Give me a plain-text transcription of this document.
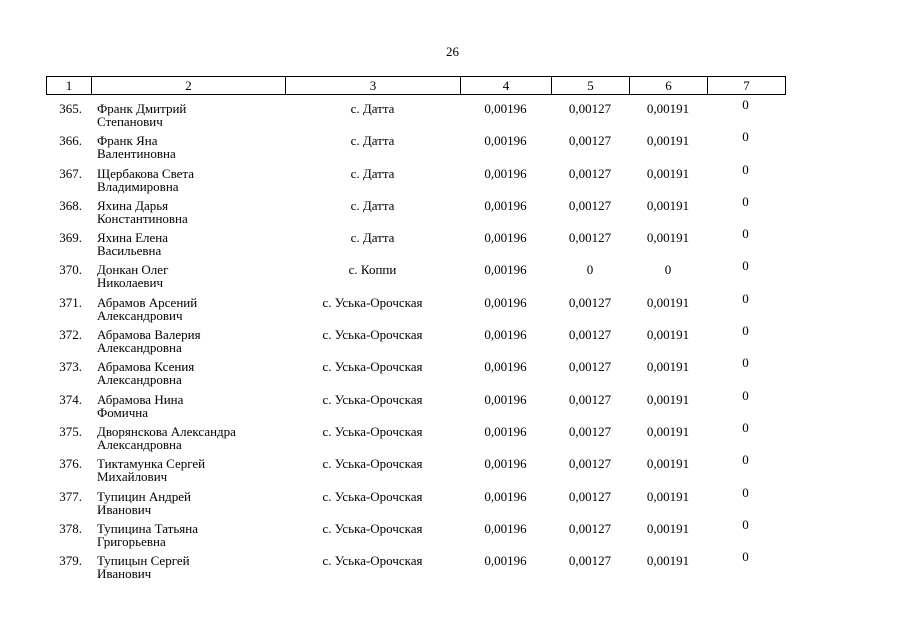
26
1	2	3	4	5	6	7
365. Франк Дмитрий
Степанович
с. Датта	0,00196	0,00127	0,00191	0
366. Франк Яна
Валентиновна
с. Датта	0,00196	0,00127	0,00191	0
367. Щербакова Света
Владимировна
с. Датта	0,00196	0,00127	0,00191	0
368. Яхина Дарья
Константиновна
с. Датта	0,00196	0,00127	0,00191	0
369. Яхина Елена
Васильевна
с. Датта	0,00196	0,00127	0,00191	0
370. Донкан Олег
Николаевич
с. Коппи	0,00196	0	0	0
371. Абрамов Арсений
Александрович
с. Уська-Орочская	0,00196	0,00127	0,00191	0
372. Абрамова Валерия
Александровна
с. Уська-Орочская	0,00196	0,00127	0,00191	0
373. Абрамова Ксения
Александровна
с. Уська-Орочская	0,00196	0,00127	0,00191	0
374. Абрамова Нина
Фомична
с. Уська-Орочская	0,00196	0,00127	0,00191	0
375. Дворянскова Александра
Александровна
с. Уська-Орочская	0,00196	0,00127	0,00191	0
376. Тиктамунка Сергей
Михайлович
с. Уська-Орочская	0,00196	0,00127	0,00191	0
377. Тупицин Андрей
Иванович
с. Уська-Орочская	0,00196	0,00127	0,00191	0
378. Тупицина Татьяна
Григорьевна
с. Уська-Орочская	0,00196	0,00127	0,00191	0
379. Тупицын Сергей
Иванович
с. Уська-Орочская	0,00196	0,00127	0,00191	0
